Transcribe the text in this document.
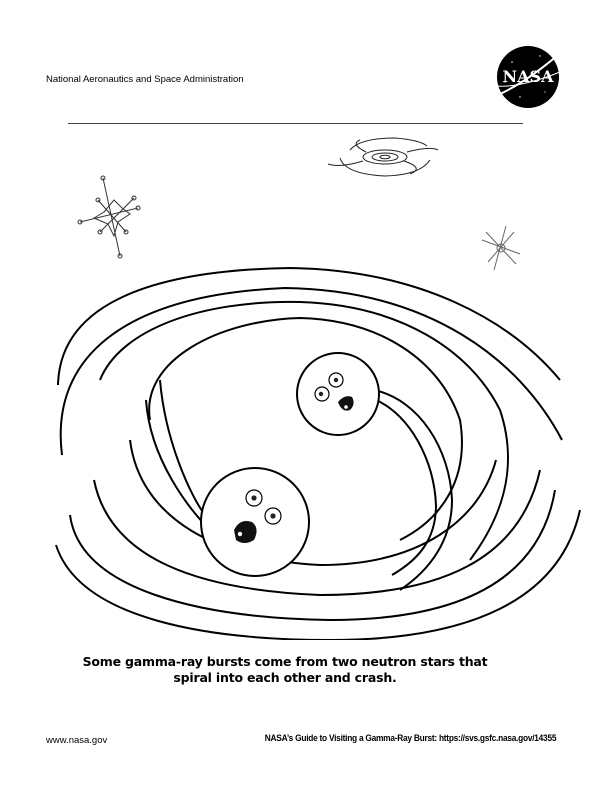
National Aeronautics and Space Administration	NASA
Some gamma-ray bursts come from two neutron stars that
spiral into each other and crash.
www.nasa.gov	NASA’s Guide to Visiting a Gamma-Ray Burst: https://svs.gsfc.nasa.gov/14355
